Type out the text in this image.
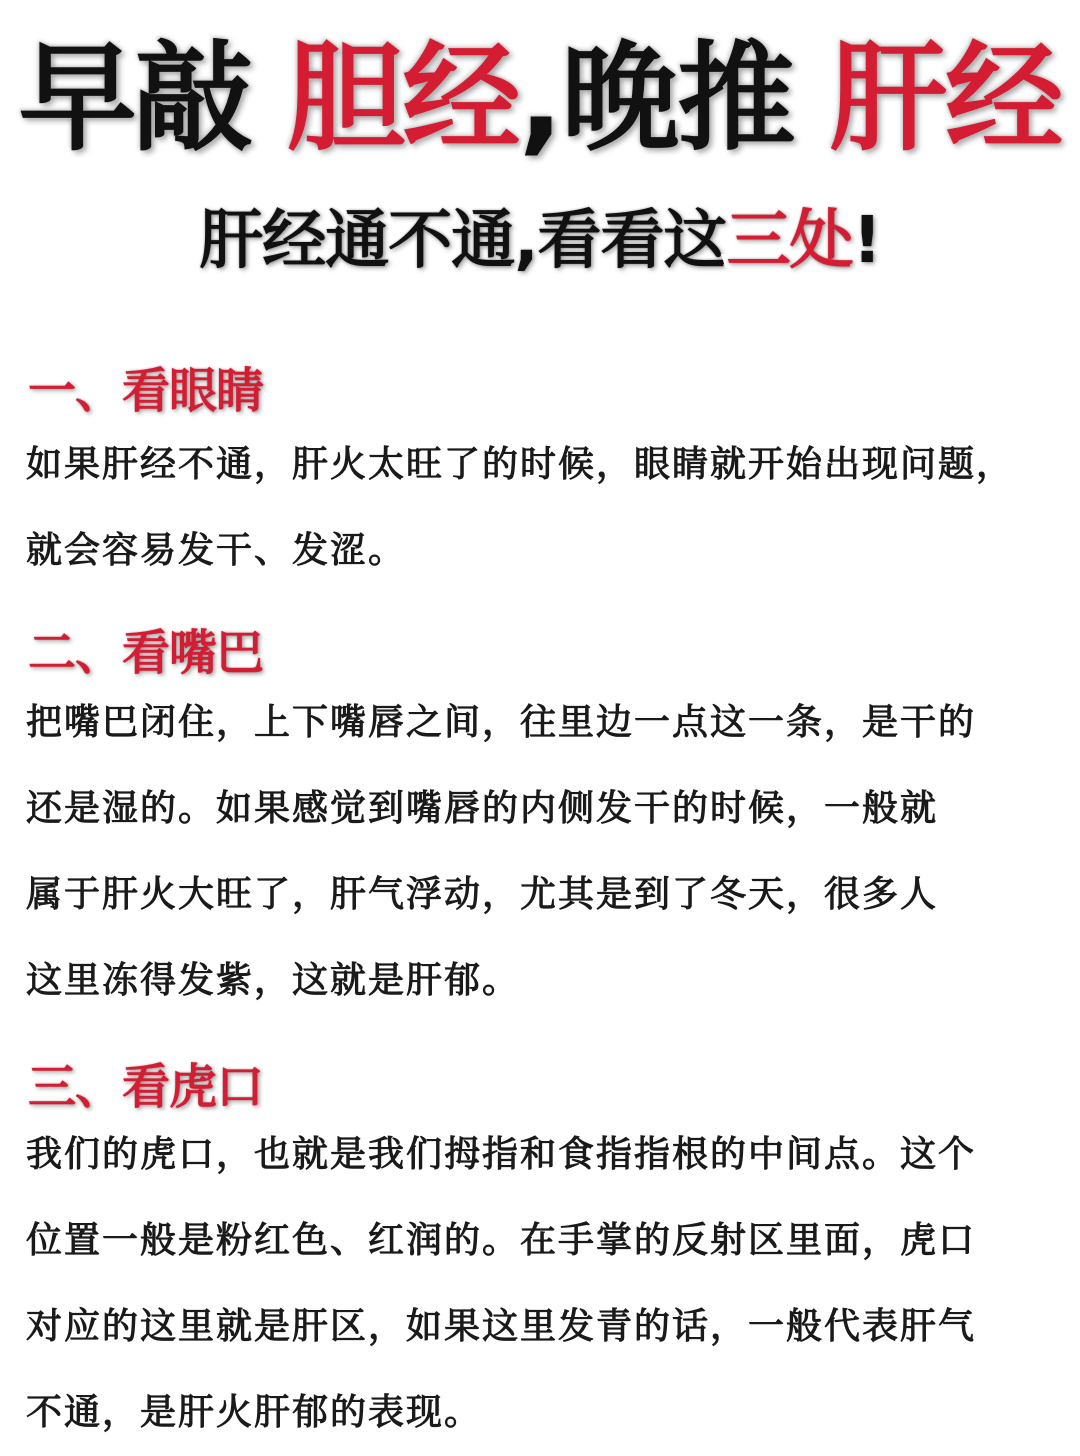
早敲 胆经,晚推 肝经
肝经通不通,看看这三处!
一、看眼睛
如果肝经不通，肝火太旺了的时候，眼睛就开始出现问题，
就会容易发干、发涩。
二、看嘴巴
把嘴巴闭住，上下嘴唇之间，往里边一点这一条，是干的
还是湿的。如果感觉到嘴唇的内侧发干的时候，一般就
属于肝火大旺了，肝气浮动，尤其是到了冬天，很多人
这里冻得发紫，这就是肝郁。
三、看虎口
我们的虎口，也就是我们拇指和食指指根的中间点。这个
位置一般是粉红色、红润的。在手掌的反射区里面，虎口
对应的这里就是肝区，如果这里发青的话，一般代表肝气
不通，是肝火肝郁的表现。
